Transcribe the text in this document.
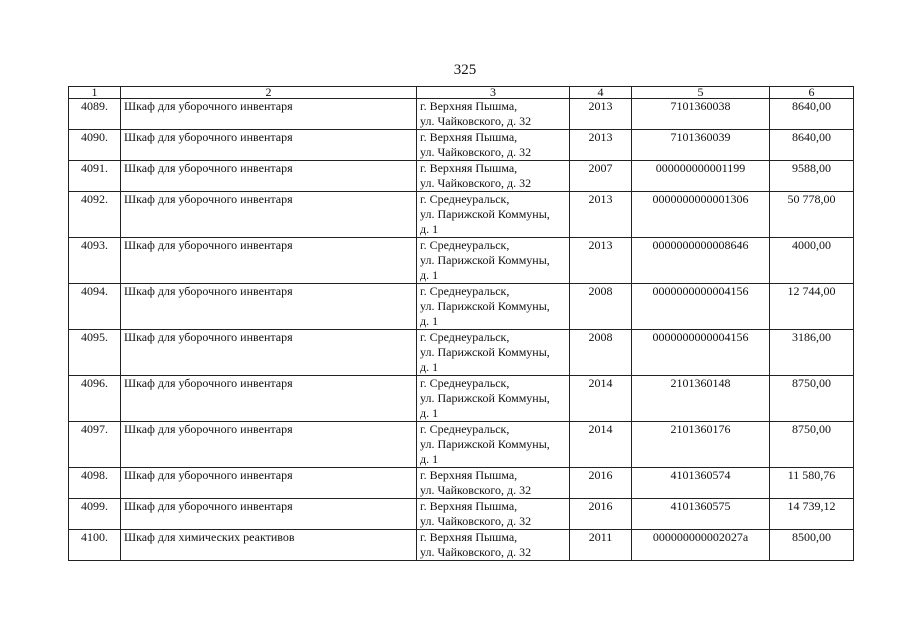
325
1	2	3	4	5	6
4089.	Шкаф для уборочного инвентаря	г. Верхняя Пышма,
ул. Чайковского, д. 32	2013	7101360038	8640,00
4090.	Шкаф для уборочного инвентаря	г. Верхняя Пышма,
ул. Чайковского, д. 32	2013	7101360039	8640,00
4091.	Шкаф для уборочного инвентаря	г. Верхняя Пышма,
ул. Чайковского, д. 32	2007	000000000001199	9588,00
4092.	Шкаф для уборочного инвентаря	г. Среднеуральск,
ул. Парижской Коммуны,
д. 1	2013	0000000000001306	50 778,00
4093.	Шкаф для уборочного инвентаря	г. Среднеуральск,
ул. Парижской Коммуны,
д. 1	2013	0000000000008646	4000,00
4094.	Шкаф для уборочного инвентаря	г. Среднеуральск,
ул. Парижской Коммуны,
д. 1	2008	0000000000004156	12 744,00
4095.	Шкаф для уборочного инвентаря	г. Среднеуральск,
ул. Парижской Коммуны,
д. 1	2008	0000000000004156	3186,00
4096.	Шкаф для уборочного инвентаря	г. Среднеуральск,
ул. Парижской Коммуны,
д. 1	2014	2101360148	8750,00
4097.	Шкаф для уборочного инвентаря	г. Среднеуральск,
ул. Парижской Коммуны,
д. 1	2014	2101360176	8750,00
4098.	Шкаф для уборочного инвентаря	г. Верхняя Пышма,
ул. Чайковского, д. 32	2016	4101360574	11 580,76
4099.	Шкаф для уборочного инвентаря	г. Верхняя Пышма,
ул. Чайковского, д. 32	2016	4101360575	14 739,12
4100.	Шкаф для химических реактивов	г. Верхняя Пышма,
ул. Чайковского, д. 32	2011	000000000002027а	8500,00
